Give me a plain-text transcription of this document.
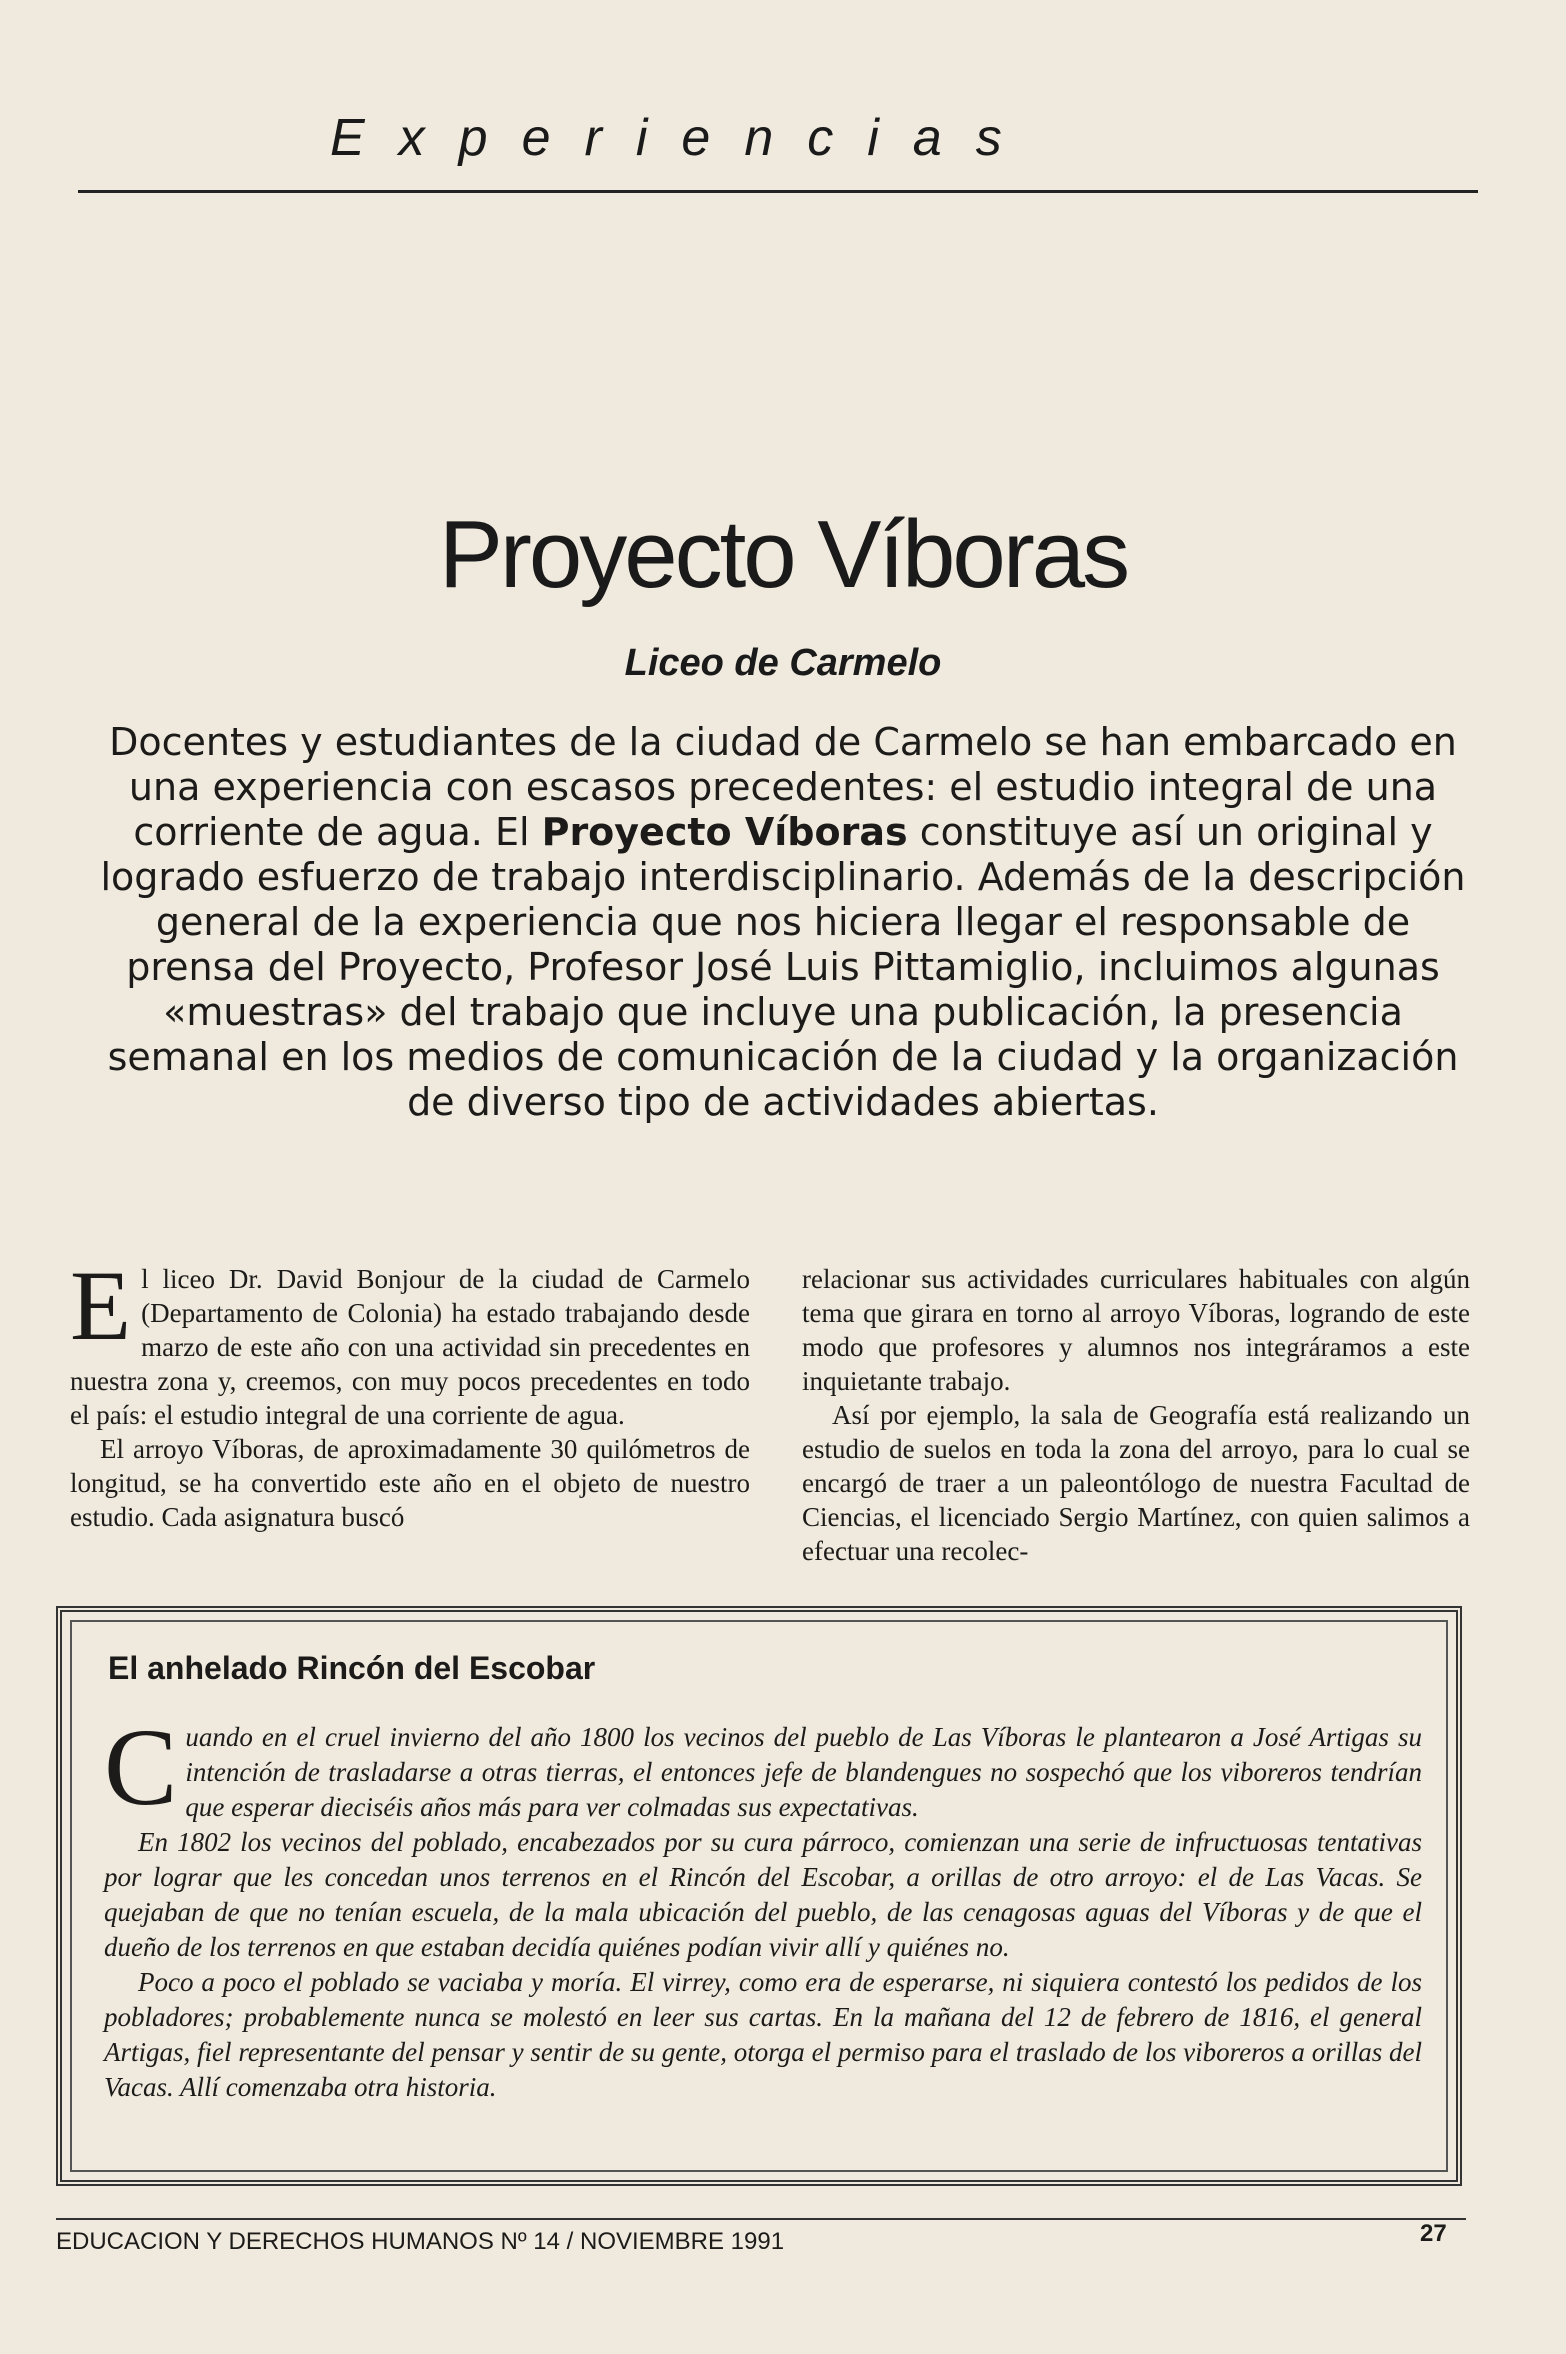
Experiencias
Proyecto Víboras
Liceo de Carmelo
Docentes y estudiantes de la ciudad de Carmelo se han embarcado en una experiencia con escasos precedentes: el estudio integral de una corriente de agua. El Proyecto Víboras constituye así un original y logrado esfuerzo de trabajo interdisciplinario. Además de la descripción general de la experiencia que nos hiciera llegar el responsable de prensa del Proyecto, Profesor José Luis Pittamiglio, incluimos algunas «muestras» del trabajo que incluye una publicación, la presencia semanal en los medios de comunicación de la ciudad y la organización de diverso tipo de actividades abiertas.

El liceo Dr. David Bonjour de la ciudad de Carmelo (Departamento de Colonia) ha estado trabajando desde marzo de este año con una actividad sin precedentes en nuestra zona y, creemos, con muy pocos precedentes en todo el país: el estudio integral de una corriente de agua.

El arroyo Víboras, de aproximadamente 30 quilómetros de longitud, se ha convertido este año en el objeto de nuestro estudio. Cada asignatura buscó

relacionar sus actividades curriculares habituales con algún tema que girara en torno al arroyo Víboras, logrando de este modo que profesores y alumnos nos integráramos a este inquietante trabajo.

Así por ejemplo, la sala de Geografía está realizando un estudio de suelos en toda la zona del arroyo, para lo cual se encargó de traer a un paleontólogo de nuestra Facultad de Ciencias, el licenciado Sergio Martínez, con quien salimos a efectuar una recolec-

El anhelado Rincón del Escobar

Cuando en el cruel invierno del año 1800 los vecinos del pueblo de Las Víboras le plantearon a José Artigas su intención de trasladarse a otras tierras, el entonces jefe de blandengues no sospechó que los viboreros tendrían que esperar dieciséis años más para ver colmadas sus expectativas.

En 1802 los vecinos del poblado, encabezados por su cura párroco, comienzan una serie de infructuosas tentativas por lograr que les concedan unos terrenos en el Rincón del Escobar, a orillas de otro arroyo: el de Las Vacas. Se quejaban de que no tenían escuela, de la mala ubicación del pueblo, de las cenagosas aguas del Víboras y de que el dueño de los terrenos en que estaban decidía quiénes podían vivir allí y quiénes no.

Poco a poco el poblado se vaciaba y moría. El virrey, como era de esperarse, ni siquiera contestó los pedidos de los pobladores; probablemente nunca se molestó en leer sus cartas. En la mañana del 12 de febrero de 1816, el general Artigas, fiel representante del pensar y sentir de su gente, otorga el permiso para el traslado de los viboreros a orillas del Vacas. Allí comenzaba otra historia.

EDUCACION Y DERECHOS HUMANOS Nº 14 / NOVIEMBRE 1991	27
